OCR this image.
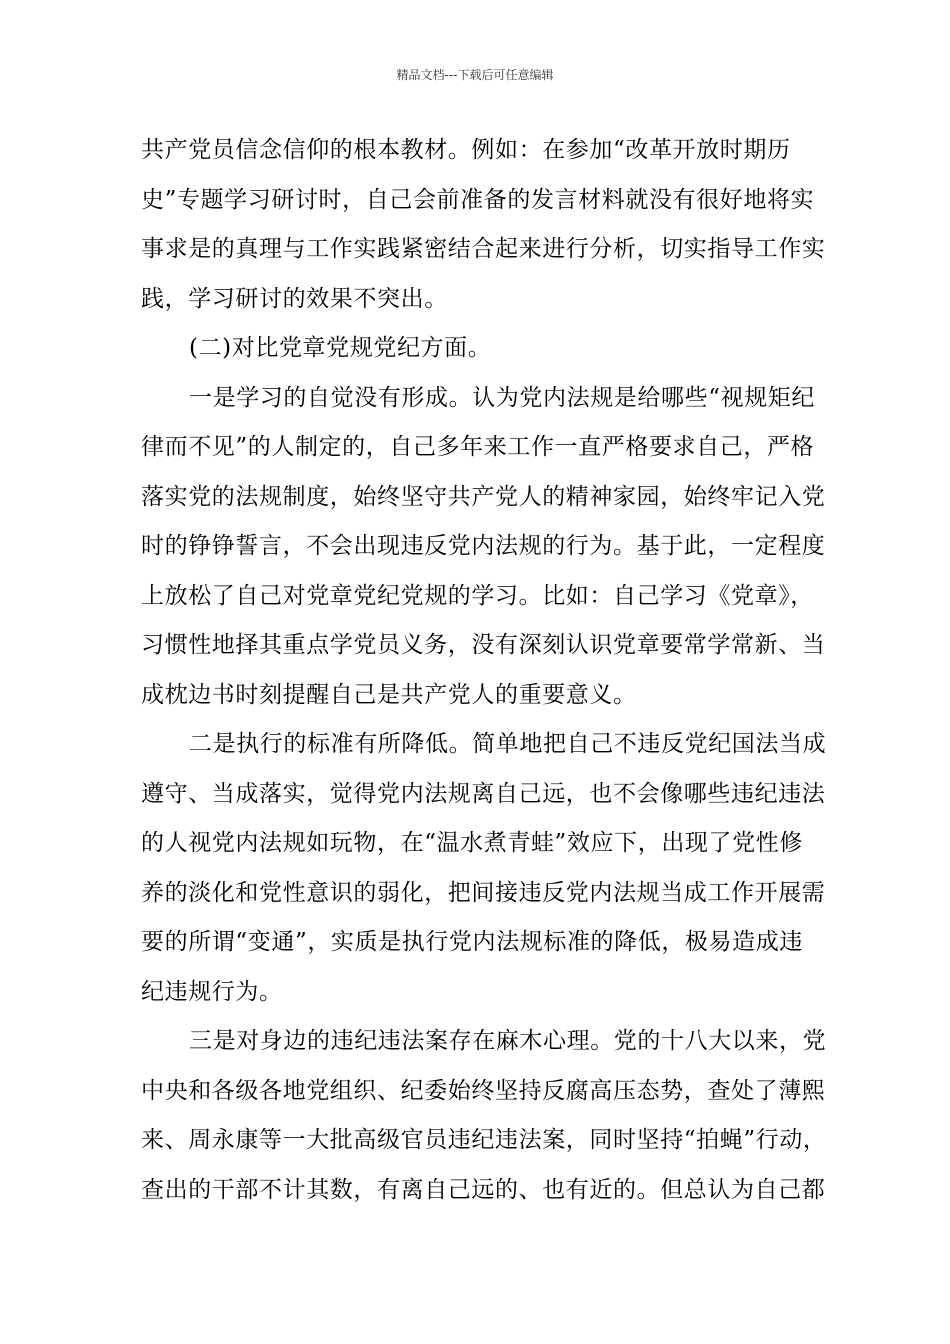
精品文档---下载后可任意编辑
共产党员信念信仰的根本教材。例如：在参加“改革开放时期历
史”专题学习研讨时，自己会前准备的发言材料就没有很好地将实
事求是的真理与工作实践紧密结合起来进行分析，切实指导工作实
践，学习研讨的效果不突出。
(二)对比党章党规党纪方面。
一是学习的自觉没有形成。认为党内法规是给哪些“视规矩纪
律而不见”的人制定的，自己多年来工作一直严格要求自己，严格
落实党的法规制度，始终坚守共产党人的精神家园，始终牢记入党
时的铮铮誓言，不会出现违反党内法规的行为。基于此，一定程度
上放松了自己对党章党纪党规的学习。比如：自己学习《党章》，
习惯性地择其重点学党员义务，没有深刻认识党章要常学常新、当
成枕边书时刻提醒自己是共产党人的重要意义。
二是执行的标准有所降低。简单地把自己不违反党纪国法当成
遵守、当成落实，觉得党内法规离自己远，也不会像哪些违纪违法
的人视党内法规如玩物，在“温水煮青蛙”效应下，出现了党性修
养的淡化和党性意识的弱化，把间接违反党内法规当成工作开展需
要的所谓“变通”，实质是执行党内法规标准的降低，极易造成违
纪违规行为。
三是对身边的违纪违法案存在麻木心理。党的十八大以来，党
中央和各级各地党组织、纪委始终坚持反腐高压态势，查处了薄熙
来、周永康等一大批高级官员违纪违法案，同时坚持“拍蝇”行动，
查出的干部不计其数，有离自己远的、也有近的。但总认为自己都
